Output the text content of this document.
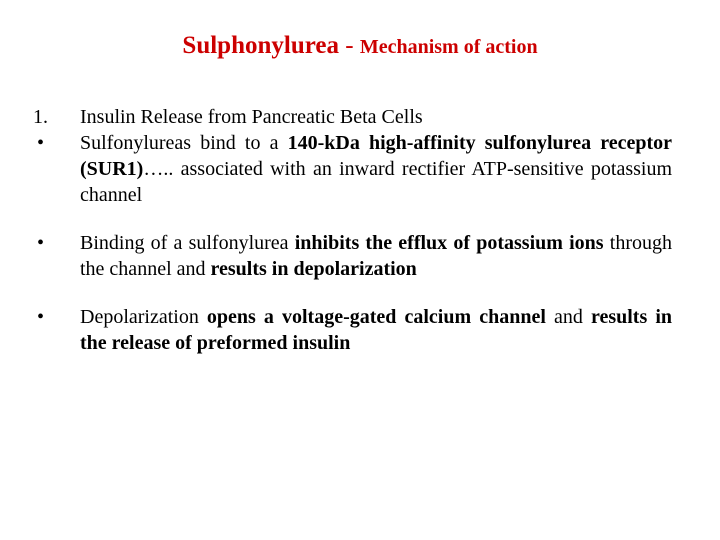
Sulphonylurea - Mechanism of action
1.	Insulin Release from Pancreatic Beta Cells
•	Sulfonylureas bind to a 140-kDa high-affinity sulfonylurea receptor (SUR1)….. associated with an inward rectifier ATP-sensitive potassium channel
•	Binding of a sulfonylurea inhibits the efflux of potassium ions through the channel and results in depolarization
•	Depolarization opens a voltage-gated calcium channel and results in the release of preformed insulin
